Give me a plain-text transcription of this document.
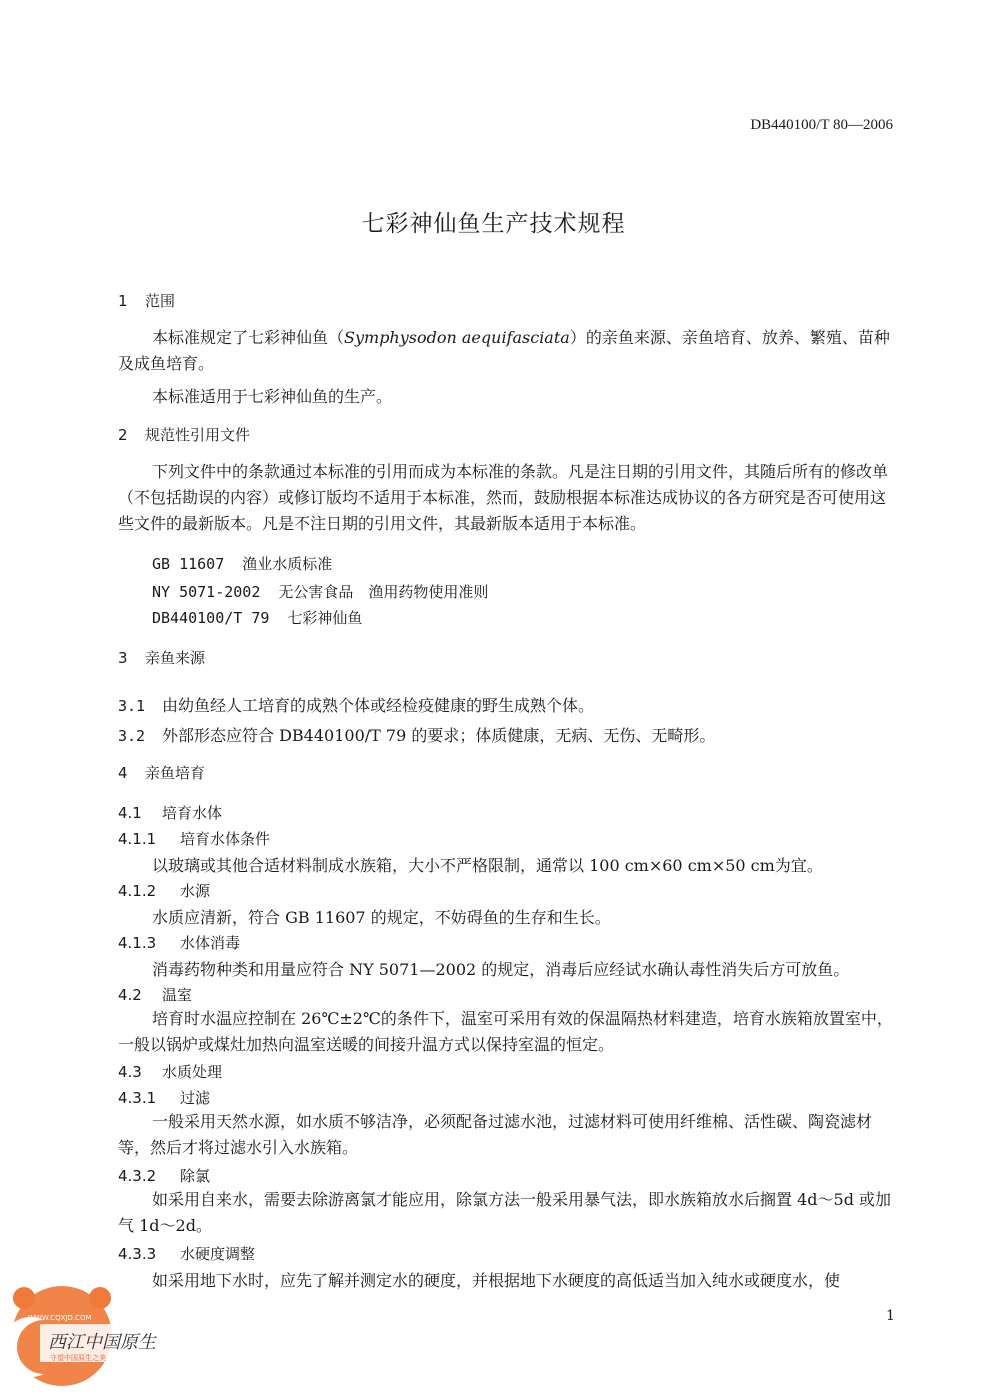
DB440100/T 80—2006
七彩神仙鱼生产技术规程
1 范围
本标准规定了七彩神仙鱼（Symphysodon aequifasciata）的亲鱼来源、亲鱼培育、放养、繁殖、苗种及成鱼培育。
本标准适用于七彩神仙鱼的生产。
2 规范性引用文件
下列文件中的条款通过本标准的引用而成为本标准的条款。凡是注日期的引用文件，其随后所有的修改单（不包括勘误的内容）或修订版均不适用于本标准，然而，鼓励根据本标准达成协议的各方研究是否可使用这些文件的最新版本。凡是不注日期的引用文件，其最新版本适用于本标准。
GB 11607 渔业水质标准
NY 5071-2002 无公害食品　渔用药物使用准则
DB440100/T 79 七彩神仙鱼
3 亲鱼来源
3.1 由幼鱼经人工培育的成熟个体或经检疫健康的野生成熟个体。
3.2 外部形态应符合 DB440100/T 79 的要求；体质健康，无病、无伤、无畸形。
4 亲鱼培育
4.1 培育水体
4.1.1 培育水体条件
以玻璃或其他合适材料制成水族箱，大小不严格限制，通常以 100 cm×60 cm×50 cm为宜。
4.1.2 水源
水质应清新，符合 GB 11607 的规定，不妨碍鱼的生存和生长。
4.1.3 水体消毒
消毒药物种类和用量应符合 NY 5071—2002 的规定，消毒后应经试水确认毒性消失后方可放鱼。
4.2 温室
培育时水温应控制在 26℃±2℃的条件下，温室可采用有效的保温隔热材料建造，培育水族箱放置室中，一般以锅炉或煤灶加热向温室送暖的间接升温方式以保持室温的恒定。
4.3 水质处理
4.3.1 过滤
一般采用天然水源，如水质不够洁净，必须配备过滤水池，过滤材料可使用纤维棉、活性碳、陶瓷滤材等，然后才将过滤水引入水族箱。
4.3.2 除氯
如采用自来水，需要去除游离氯才能应用，除氯方法一般采用暴气法，即水族箱放水后搁置 4d～5d 或加气 1d～2d。
4.3.3 水硬度调整
如采用地下水时，应先了解并测定水的硬度，并根据地下水硬度的高低适当加入纯水或硬度水，使
1
WWW.CQXJD.COM
西江中国原生
守望中国原生之美
